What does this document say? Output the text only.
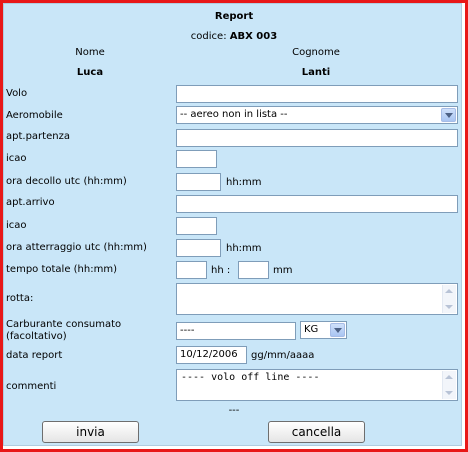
Report
codice: ABX 003
Nome	Cognome
Luca	Lanti
Volo
Aeromobile	-- aereo non in lista --
apt.partenza
icao
ora decollo utc (hh:mm)	hh:mm
apt.arrivo
icao
ora atterraggio utc (hh:mm)	hh:mm
tempo totale (hh:mm)	hh :	mm
rotta:
Carburante consumato
(facoltativo)
----	KG
data report	10/12/2006	gg/mm/aaaa
commenti
---- volo off line ----
---
invia	cancella
